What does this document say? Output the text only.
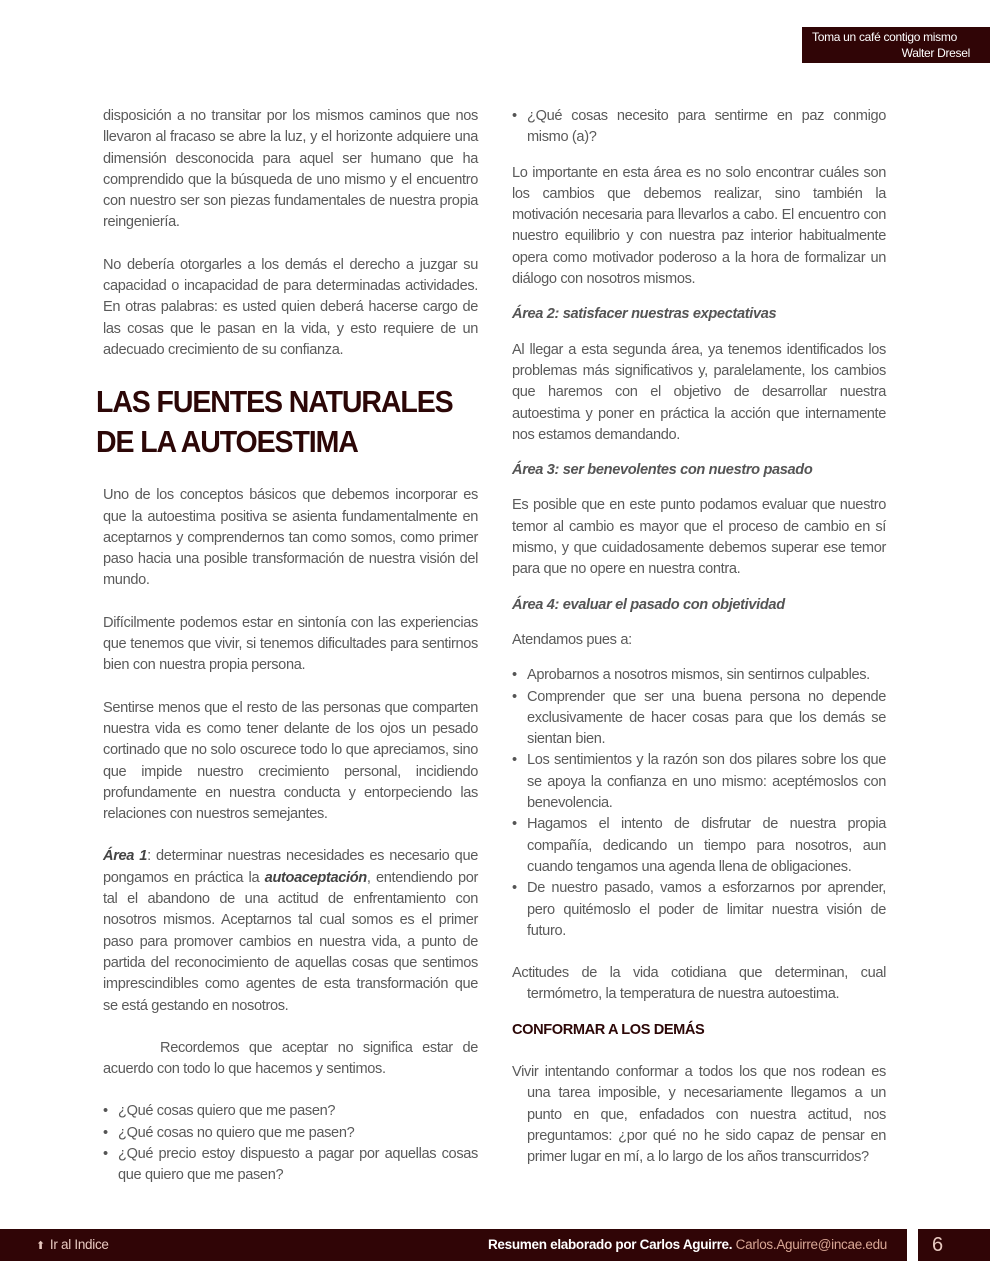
Toma un café contigo mismo
Walter Dresel

disposición a no transitar por los mismos caminos que nos llevaron al fracaso se abre la luz, y el horizonte adquiere una dimensión desconocida para aquel ser humano que ha comprendido que la búsqueda de uno mismo y el encuentro con nuestro ser son piezas fundamentales de nuestra propia reingeniería.

No debería otorgarles a los demás el derecho a juzgar su capacidad o incapacidad de para determinadas actividades. En otras palabras: es usted quien deberá hacerse cargo de las cosas que le pasan en la vida, y esto requiere de un adecuado crecimiento de su confianza.

LAS FUENTES NATURALES
DE LA AUTOESTIMA

Uno de los conceptos básicos que debemos incorporar es que la autoestima positiva se asienta fundamentalmente en aceptarnos y comprendernos tan como somos, como primer paso hacia una posible transformación de nuestra visión del mundo.

Difícilmente podemos estar en sintonía con las experiencias que tenemos que vivir, si tenemos dificultades para sentirnos bien con nuestra propia persona.

Sentirse menos que el resto de las personas que comparten nuestra vida es como tener delante de los ojos un pesado cortinado que no solo oscurece todo lo que apreciamos, sino que impide nuestro crecimiento personal, incidiendo profundamente en nuestra conducta y entorpeciendo las relaciones con nuestros semejantes.

Área 1: determinar nuestras necesidades es necesario que pongamos en práctica la autoaceptación, entendiendo por tal el abandono de una actitud de enfrentamiento con nosotros mismos. Aceptarnos tal cual somos es el primer paso para promover cambios en nuestra vida, a punto de partida del reconocimiento de aquellas cosas que sentimos imprescindibles como agentes de esta transformación que se está gestando en nosotros.

Recordemos que aceptar no significa estar de acuerdo con todo lo que hacemos y sentimos.

• ¿Qué cosas quiero que me pasen?
• ¿Qué cosas no quiero que me pasen?
• ¿Qué precio estoy dispuesto a pagar por aquellas cosas que quiero que me pasen?
• ¿Qué cosas necesito para sentirme en paz conmigo mismo (a)?

Lo importante en esta área es no solo encontrar cuáles son los cambios que debemos realizar, sino también la motivación necesaria para llevarlos a cabo. El encuentro con nuestro equilibrio y con nuestra paz interior habitualmente opera como motivador poderoso a la hora de formalizar un diálogo con nosotros mismos.

Área 2: satisfacer nuestras expectativas

Al llegar a esta segunda área, ya tenemos identificados los problemas más significativos y, paralelamente, los cambios que haremos con el objetivo de desarrollar nuestra autoestima y poner en práctica la acción que internamente nos estamos demandando.

Área 3: ser benevolentes con nuestro pasado

Es posible que en este punto podamos evaluar que nuestro temor al cambio es mayor que el proceso de cambio en sí mismo, y que cuidadosamente debemos superar ese temor para que no opere en nuestra contra.

Área 4: evaluar el pasado con objetividad

Atendamos pues a:

• Aprobarnos a nosotros mismos, sin sentirnos culpables.
• Comprender que ser una buena persona no depende exclusivamente de hacer cosas para que los demás se sientan bien.
• Los sentimientos y la razón son dos pilares sobre los que se apoya la confianza en uno mismo: aceptémoslos con benevolencia.
• Hagamos el intento de disfrutar de nuestra propia compañía, dedicando un tiempo para nosotros, aun cuando tengamos una agenda llena de obligaciones.
• De nuestro pasado, vamos a esforzarnos por aprender, pero quitémoslo el poder de limitar nuestra visión de futuro.

Actitudes de la vida cotidiana que determinan, cual termómetro, la temperatura de nuestra autoestima.

CONFORMAR A LOS DEMÁS

Vivir intentando conformar a todos los que nos rodean es una tarea imposible, y necesariamente llegamos a un punto en que, enfadados con nuestra actitud, nos preguntamos: ¿por qué no he sido capaz de pensar en primer lugar en mí, a lo largo de los años transcurridos?

⬆ Ir al Indice	Resumen elaborado por Carlos Aguirre. Carlos.Aguirre@incae.edu	6
